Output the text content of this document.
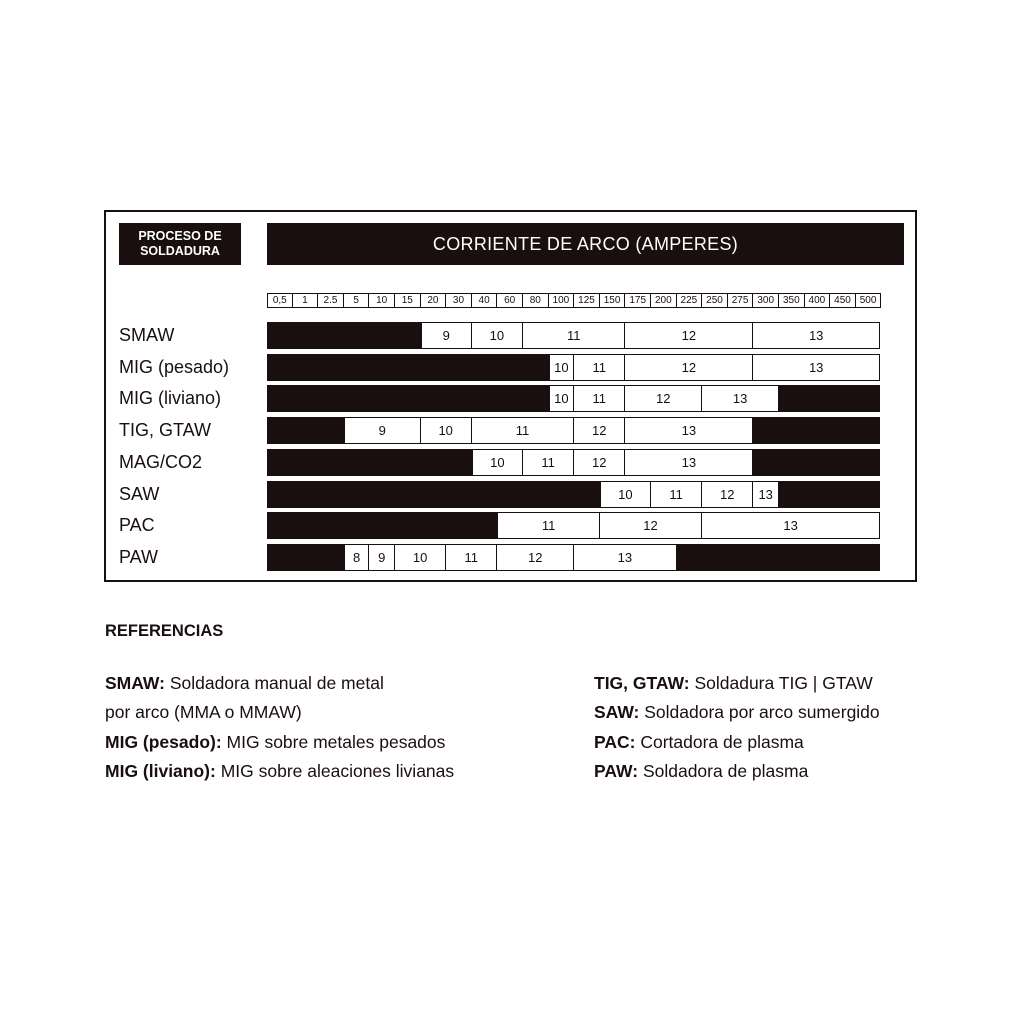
PROCESO DE
SOLDADURA	CORRIENTE DE ARCO (AMPERES)
0,5	1	2.5	5	10	15	20	30	40	60	80	100 125 150 175 200 225 250 275 300 350 400 450 500
SMAW	9	10	11	12	13
MIG (pesado)	10	11	12	13
MIG (liviano)	10	11	12	13
TIG, GTAW	9	10	11	12	13
MAG/CO2	10	11	12	13
SAW	10	11	12	13
PAC	11	12	13
PAW	8	9	10	11	12	13
REFERENCIAS
SMAW: Soldadora manual de metal
por arco (MMA o MMAW)
MIG (pesado): MIG sobre metales pesados
MIG (liviano): MIG sobre aleaciones livianas
TIG, GTAW: Soldadura TIG | GTAW
SAW: Soldadora por arco sumergido
PAC: Cortadora de plasma
PAW: Soldadora de plasma
